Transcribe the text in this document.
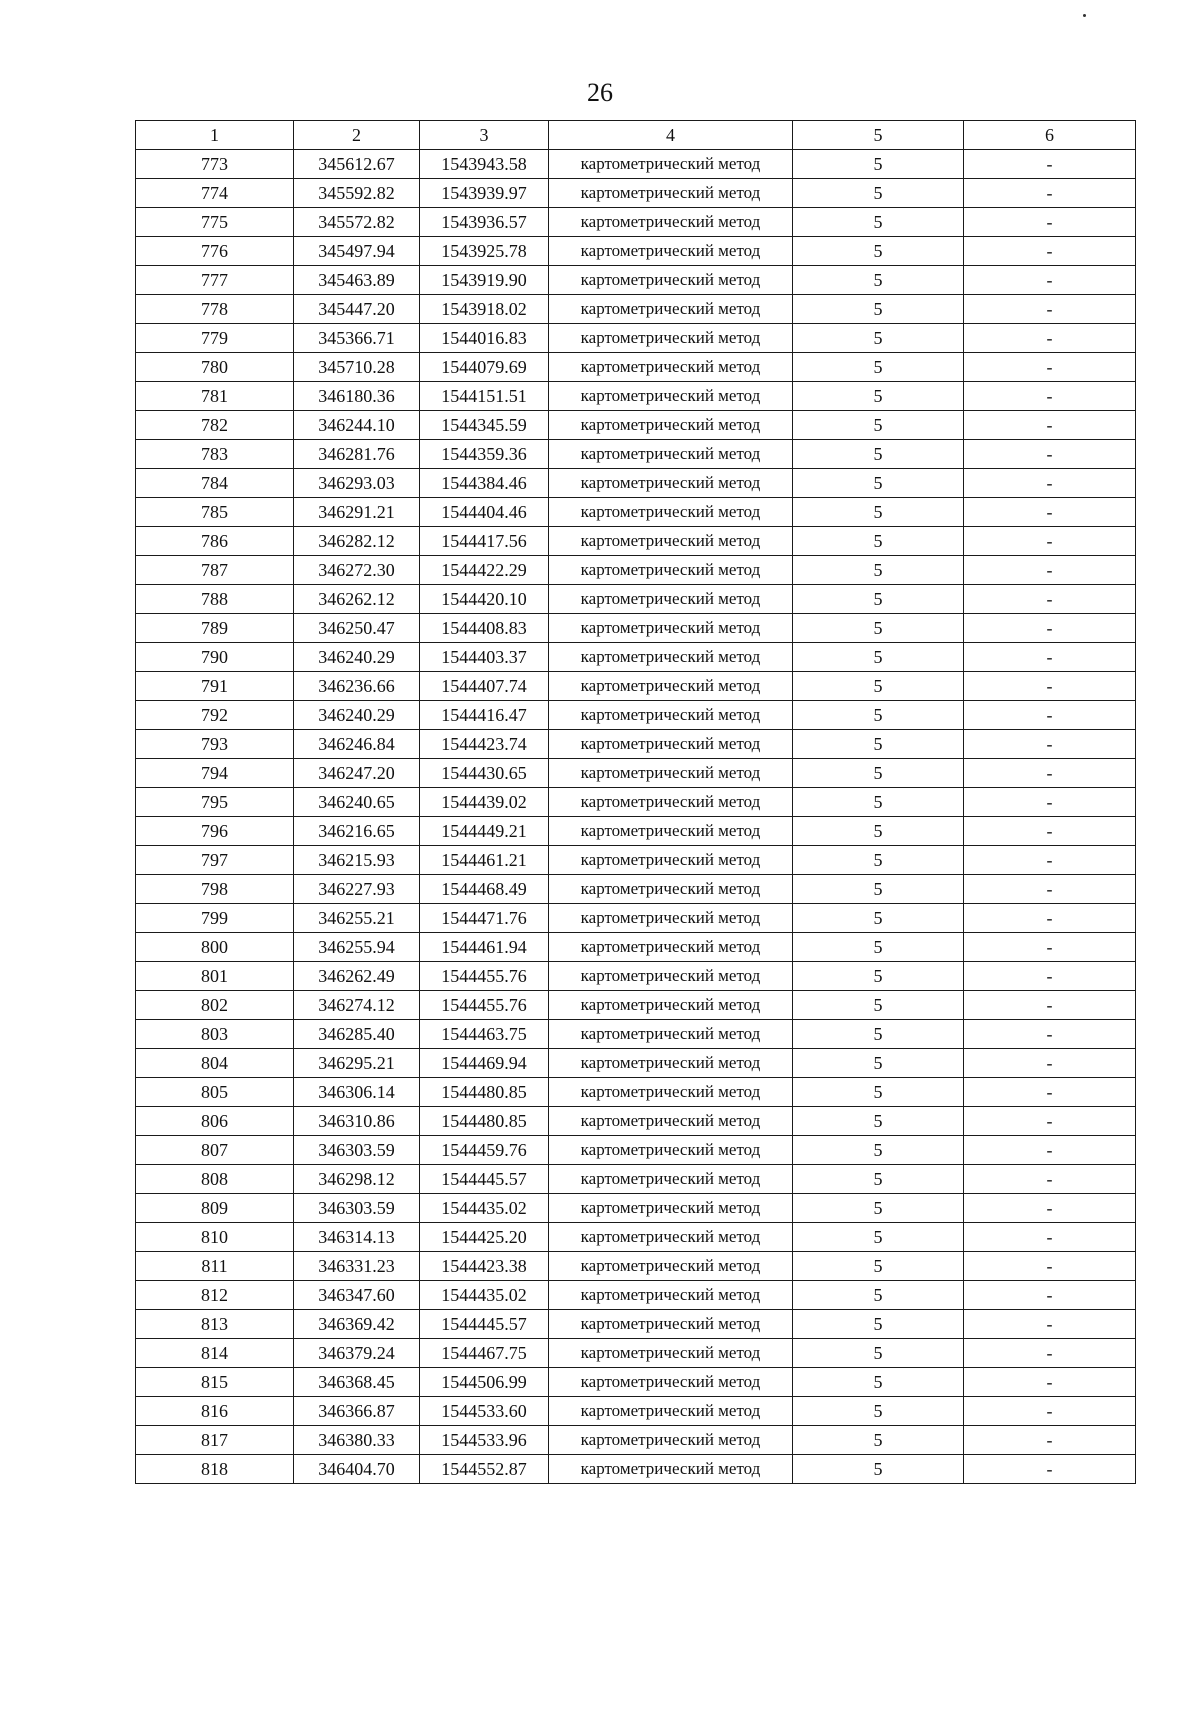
26
1	2	3	4	5	6
773	345612.67	1543943.58	картометрический метод	5	-
774	345592.82	1543939.97	картометрический метод	5	-
775	345572.82	1543936.57	картометрический метод	5	-
776	345497.94	1543925.78	картометрический метод	5	-
777	345463.89	1543919.90	картометрический метод	5	-
778	345447.20	1543918.02	картометрический метод	5	-
779	345366.71	1544016.83	картометрический метод	5	-
780	345710.28	1544079.69	картометрический метод	5	-
781	346180.36	1544151.51	картометрический метод	5	-
782	346244.10	1544345.59	картометрический метод	5	-
783	346281.76	1544359.36	картометрический метод	5	-
784	346293.03	1544384.46	картометрический метод	5	-
785	346291.21	1544404.46	картометрический метод	5	-
786	346282.12	1544417.56	картометрический метод	5	-
787	346272.30	1544422.29	картометрический метод	5	-
788	346262.12	1544420.10	картометрический метод	5	-
789	346250.47	1544408.83	картометрический метод	5	-
790	346240.29	1544403.37	картометрический метод	5	-
791	346236.66	1544407.74	картометрический метод	5	-
792	346240.29	1544416.47	картометрический метод	5	-
793	346246.84	1544423.74	картометрический метод	5	-
794	346247.20	1544430.65	картометрический метод	5	-
795	346240.65	1544439.02	картометрический метод	5	-
796	346216.65	1544449.21	картометрический метод	5	-
797	346215.93	1544461.21	картометрический метод	5	-
798	346227.93	1544468.49	картометрический метод	5	-
799	346255.21	1544471.76	картометрический метод	5	-
800	346255.94	1544461.94	картометрический метод	5	-
801	346262.49	1544455.76	картометрический метод	5	-
802	346274.12	1544455.76	картометрический метод	5	-
803	346285.40	1544463.75	картометрический метод	5	-
804	346295.21	1544469.94	картометрический метод	5	-
805	346306.14	1544480.85	картометрический метод	5	-
806	346310.86	1544480.85	картометрический метод	5	-
807	346303.59	1544459.76	картометрический метод	5	-
808	346298.12	1544445.57	картометрический метод	5	-
809	346303.59	1544435.02	картометрический метод	5	-
810	346314.13	1544425.20	картометрический метод	5	-
811	346331.23	1544423.38	картометрический метод	5	-
812	346347.60	1544435.02	картометрический метод	5	-
813	346369.42	1544445.57	картометрический метод	5	-
814	346379.24	1544467.75	картометрический метод	5	-
815	346368.45	1544506.99	картометрический метод	5	-
816	346366.87	1544533.60	картометрический метод	5	-
817	346380.33	1544533.96	картометрический метод	5	-
818	346404.70	1544552.87	картометрический метод	5	-
